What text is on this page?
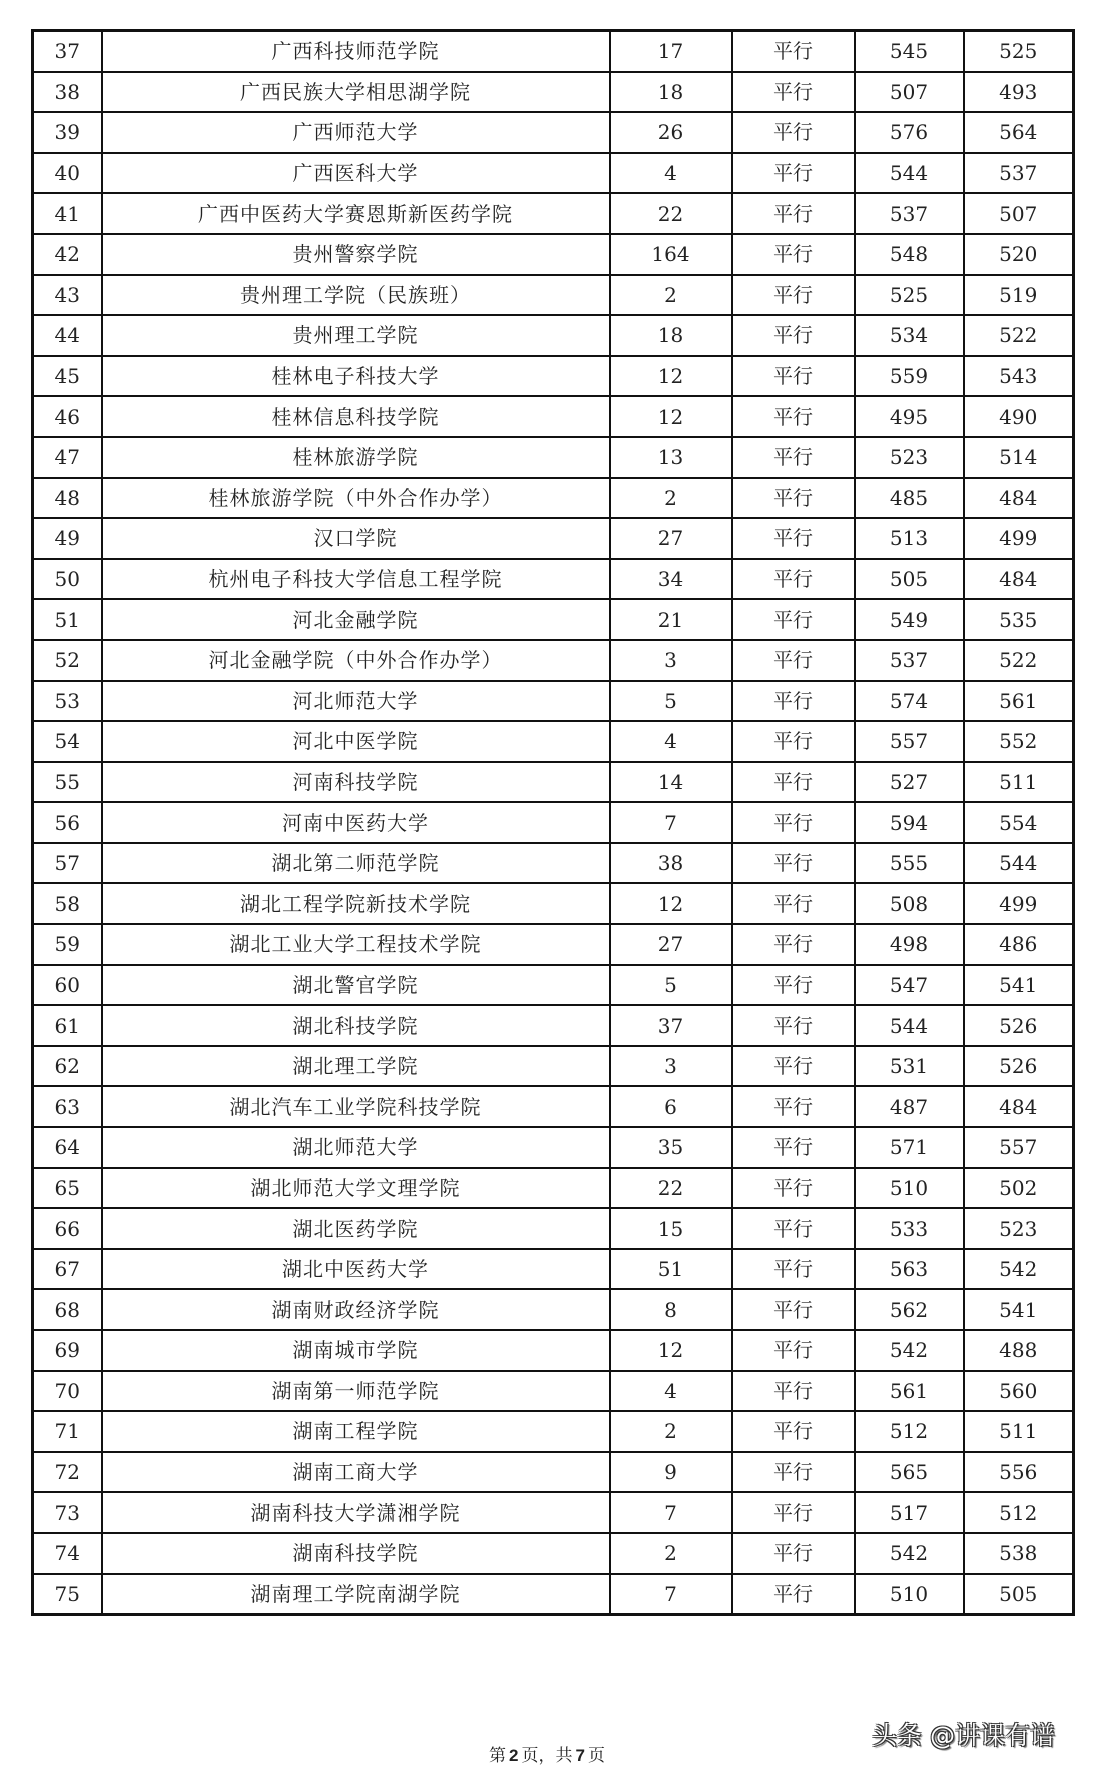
37	广西科技师范学院	17	平行	545	525
38	广西民族大学相思湖学院	18	平行	507	493
39	广西师范大学	26	平行	576	564
40	广西医科大学	4	平行	544	537
41	广西中医药大学赛恩斯新医药学院	22	平行	537	507
42	贵州警察学院	164	平行	548	520
43	贵州理工学院（民族班）	2	平行	525	519
44	贵州理工学院	18	平行	534	522
45	桂林电子科技大学	12	平行	559	543
46	桂林信息科技学院	12	平行	495	490
47	桂林旅游学院	13	平行	523	514
48	桂林旅游学院（中外合作办学）	2	平行	485	484
49	汉口学院	27	平行	513	499
50	杭州电子科技大学信息工程学院	34	平行	505	484
51	河北金融学院	21	平行	549	535
52	河北金融学院（中外合作办学）	3	平行	537	522
53	河北师范大学	5	平行	574	561
54	河北中医学院	4	平行	557	552
55	河南科技学院	14	平行	527	511
56	河南中医药大学	7	平行	594	554
57	湖北第二师范学院	38	平行	555	544
58	湖北工程学院新技术学院	12	平行	508	499
59	湖北工业大学工程技术学院	27	平行	498	486
60	湖北警官学院	5	平行	547	541
61	湖北科技学院	37	平行	544	526
62	湖北理工学院	3	平行	531	526
63	湖北汽车工业学院科技学院	6	平行	487	484
64	湖北师范大学	35	平行	571	557
65	湖北师范大学文理学院	22	平行	510	502
66	湖北医药学院	15	平行	533	523
67	湖北中医药大学	51	平行	563	542
68	湖南财政经济学院	8	平行	562	541
69	湖南城市学院	12	平行	542	488
70	湖南第一师范学院	4	平行	561	560
71	湖南工程学院	2	平行	512	511
72	湖南工商大学	9	平行	565	556
73	湖南科技大学潇湘学院	7	平行	517	512
74	湖南科技学院	2	平行	542	538
75	湖南理工学院南湖学院	7	平行	510	505
第 2 页，共 7 页
头条 @讲课有谱
